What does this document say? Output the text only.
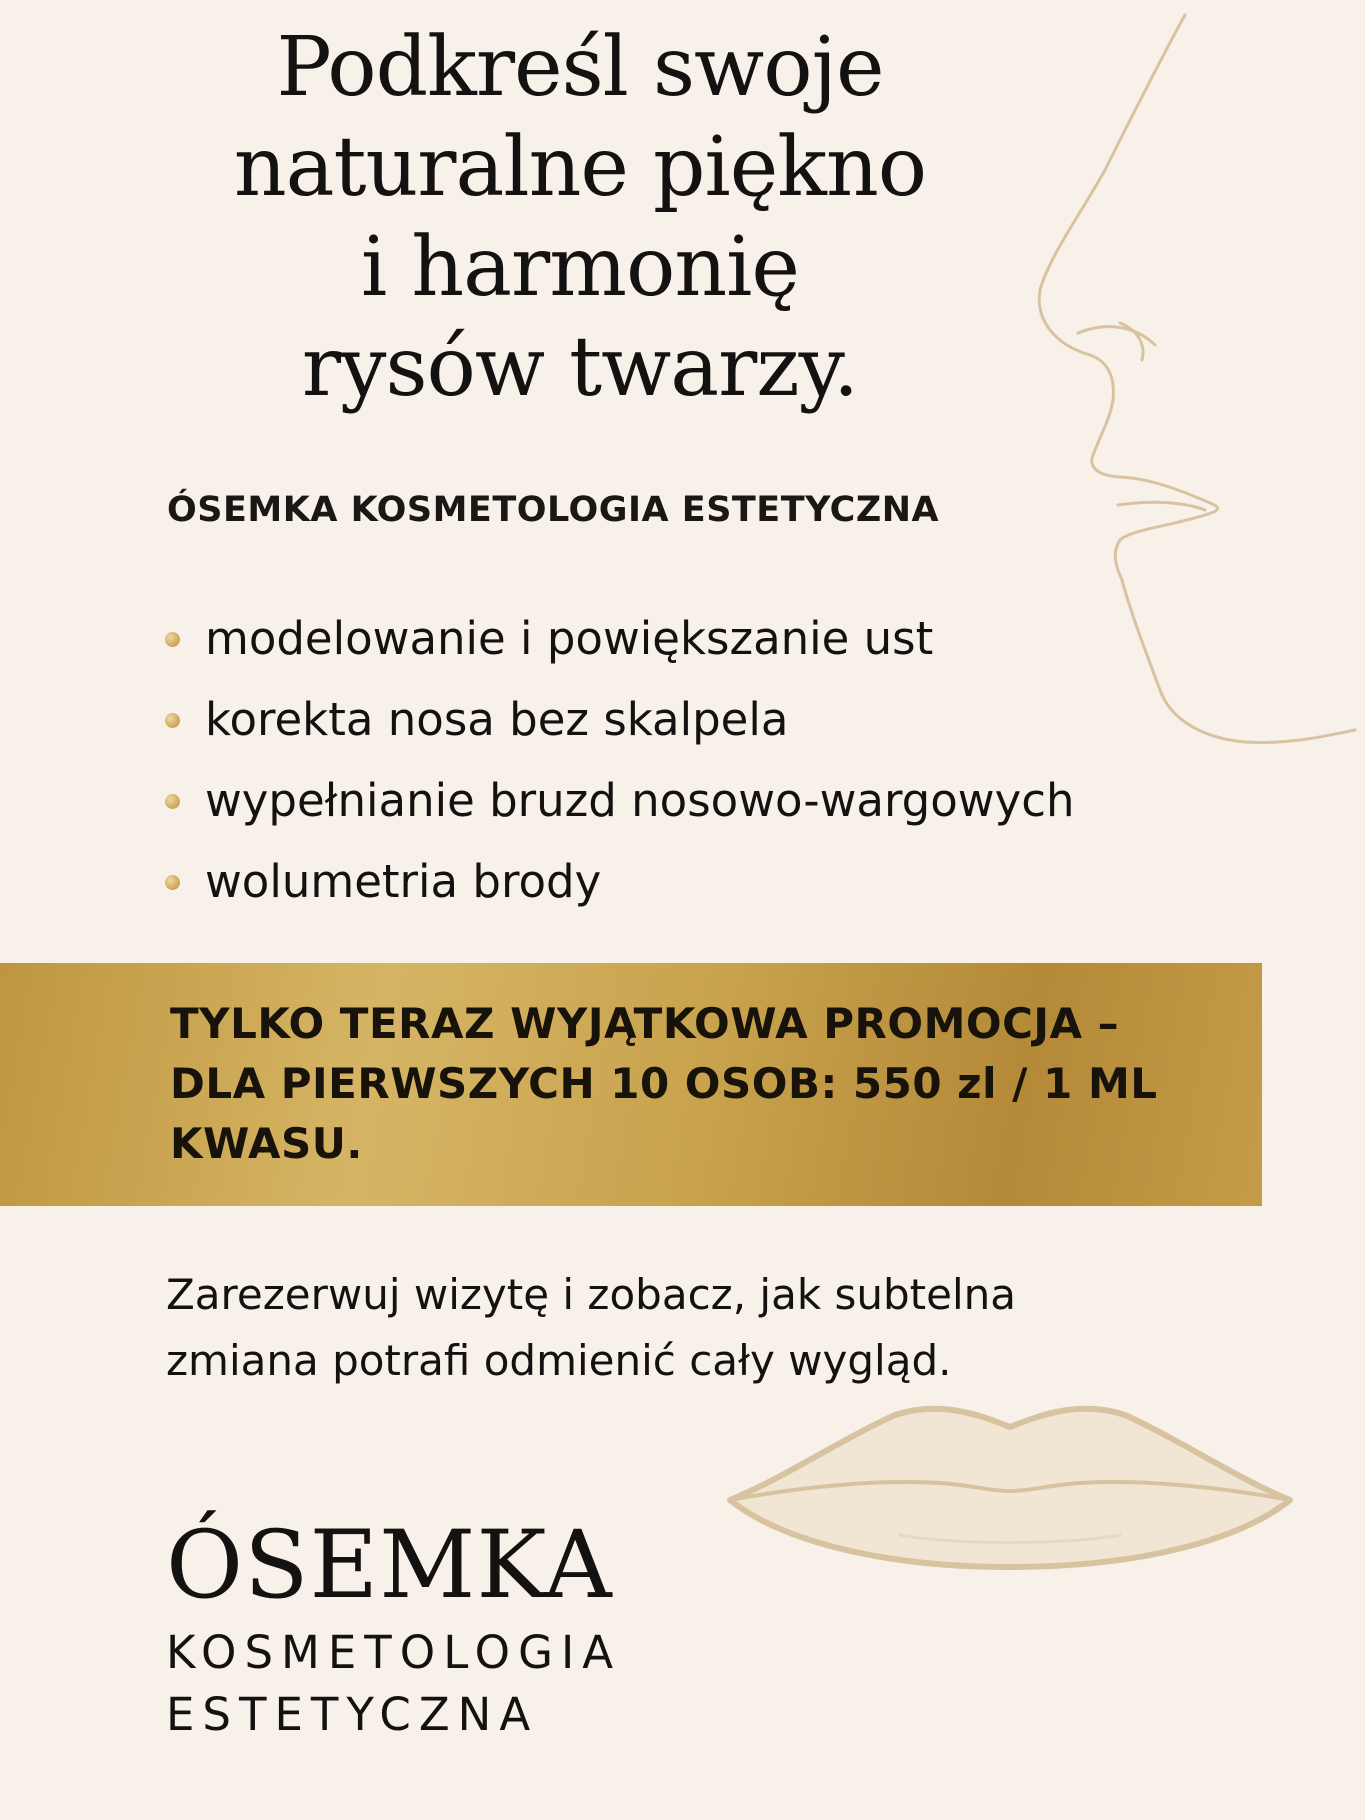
Podkreśl swoje
naturalne piękno
i harmonię
rysów twarzy.
ÓSEMKA KOSMETOLOGIA ESTETYCZNA
modelowanie i powiększanie ust
korekta nosa bez skalpela
wypełnianie bruzd nosowo-wargowych
wolumetria brody
TYLKO TERAZ WYJĄTKOWA PROMOCJA –
DLA PIERWSZYCH 10 OSOB: 550 zl / 1 ML
KWASU.
Zarezerwuj wizytę i zobacz, jak subtelna
zmiana potrafi odmienić cały wygląd.
ÓSEMKA
KOSMETOLOGIA
ESTETYCZNA
